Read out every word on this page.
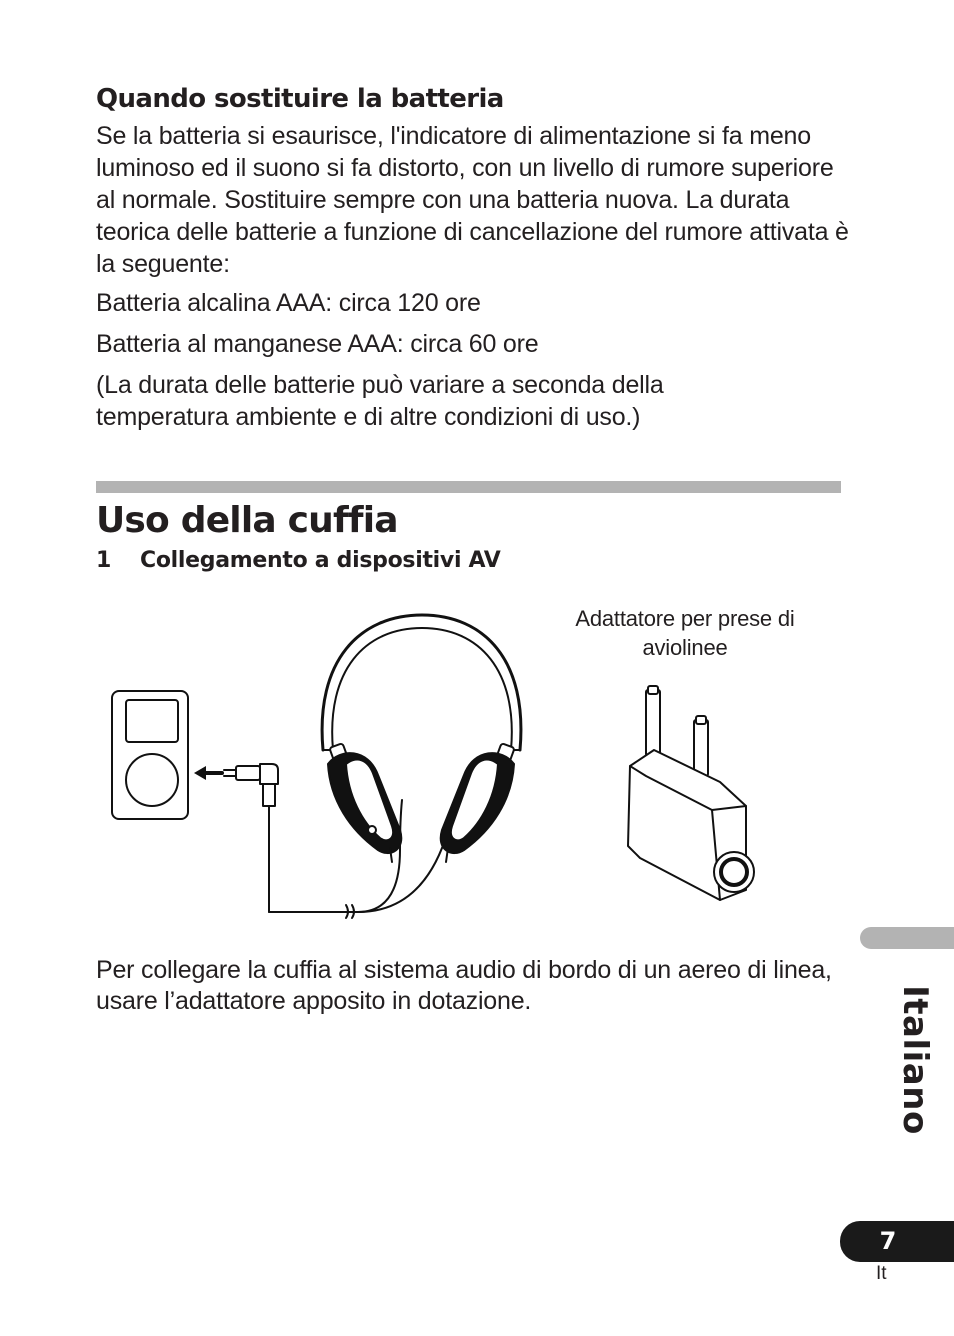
Quando sostituire la batteria
Se la batteria si esaurisce, l'indicatore di alimentazione si fa meno luminoso ed il suono si fa distorto, con un livello di rumore superiore al normale. Sostituire sempre con una batteria nuova. La durata teorica delle batterie a funzione di cancellazione del rumore attivata è la seguente:
Batteria alcalina AAA: circa 120 ore
Batteria al manganese AAA: circa 60 ore
(La durata delle batterie può variare a seconda della
temperatura ambiente e di altre condizioni di uso.)
Uso della cuffia
1 Collegamento a dispositivi AV
Adattatore per prese di aviolinee
Per collegare la cuffia al sistema audio di bordo di un aereo di linea, usare l’adattatore apposito in dotazione.	Italiano
7
It
